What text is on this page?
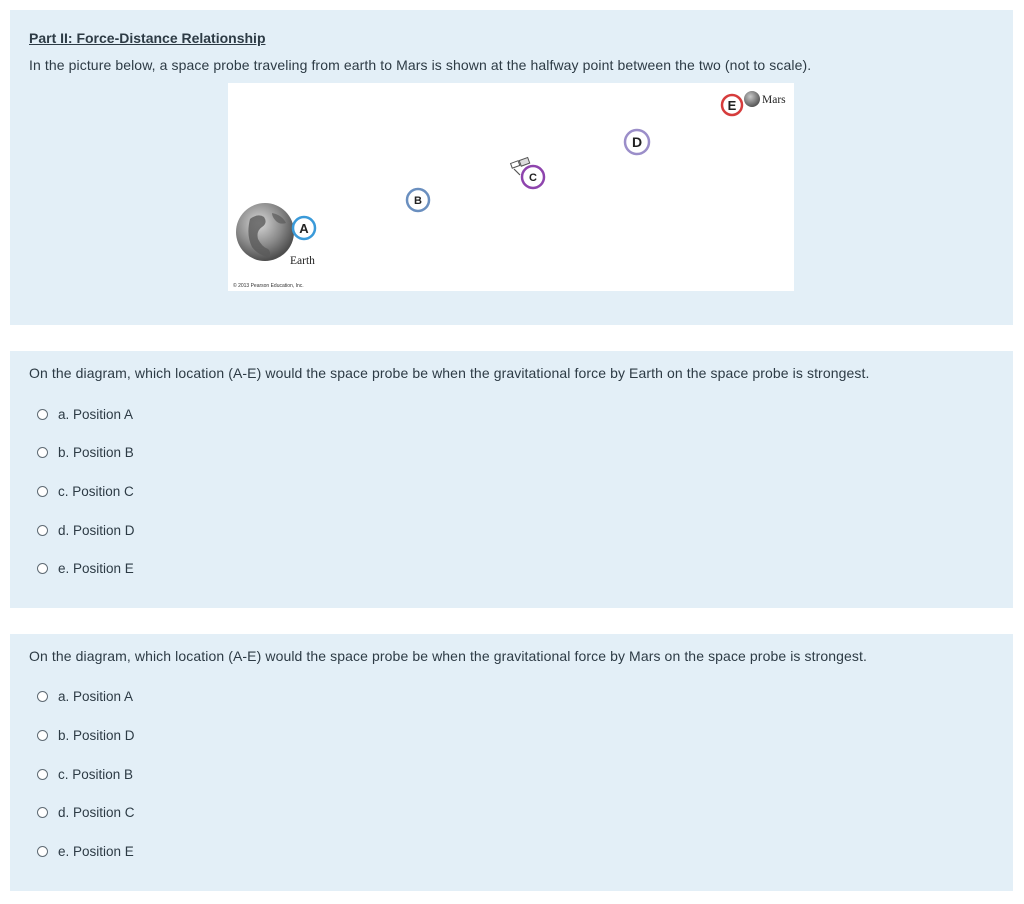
Part II: Force-Distance Relationship

In the picture below, a space probe traveling from earth to Mars is shown at the halfway point between the two (not to scale).

A
B
C
D
E
Earth
Mars
© 2013 Pearson Education, Inc.

On the diagram, which location (A-E) would the space probe be when the gravitational force by Earth on the space probe is strongest.

a. Position A
b. Position B
c. Position C
d. Position D
e. Position E

On the diagram, which location (A-E) would the space probe be when the gravitational force by Mars on the space probe is strongest.

a. Position A
b. Position D
c. Position B
d. Position C
e. Position E
